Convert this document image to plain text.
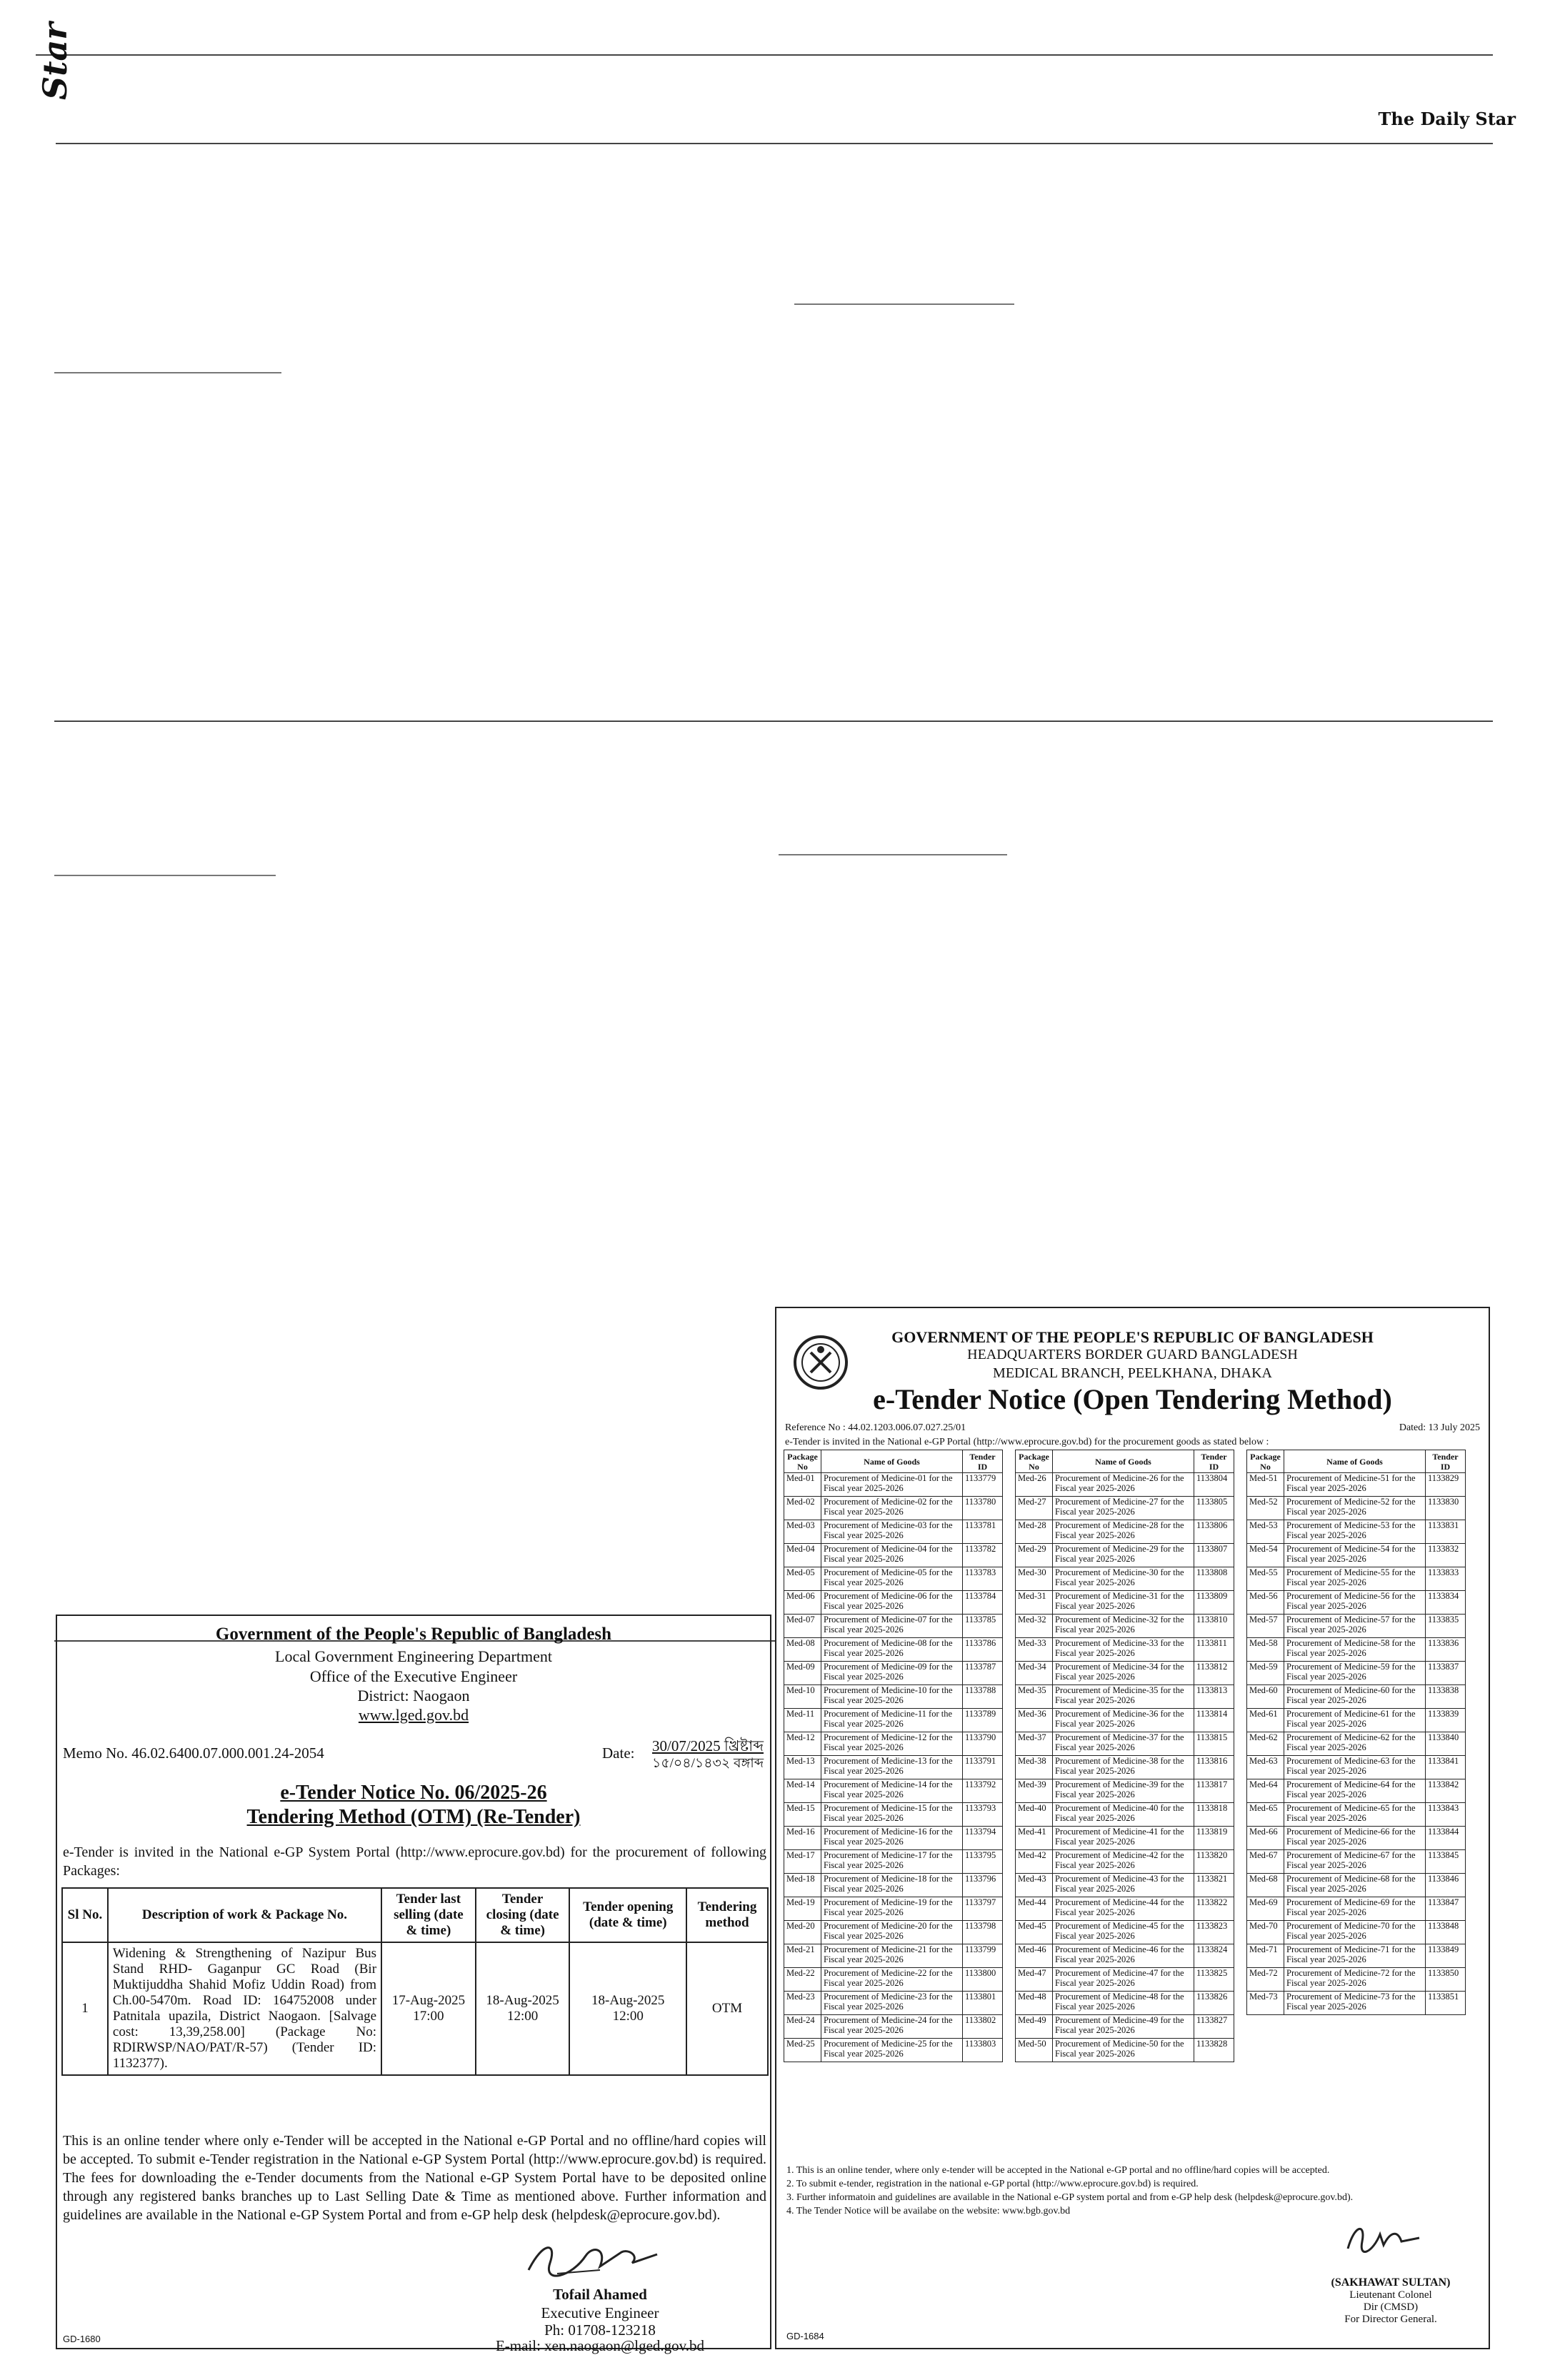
Star
The Daily Star
Government of the People's Republic of Bangladesh
Local Government Engineering Department
Office of the Executive Engineer
District: Naogaon
www.lged.gov.bd
Memo No. 46.02.6400.07.000.001.24-2054	Date: 30/07/2025 খ্রিষ্টাব্দ
১৫/০৪/১৪৩২ বঙ্গাব্দ
e-Tender Notice No. 06/2025-26
Tendering Method (OTM) (Re-Tender)
e-Tender is invited in the National e-GP System Portal (http://www.eprocure.gov.bd) for the procurement of following Packages:
Sl No.	Description of work & Package No.	Tender last selling (date & time)	Tender closing (date & time)	Tender opening (date & time)	Tendering method
1	Widening & Strengthening of Nazipur Bus Stand RHD- Gaganpur GC Road (Bir Muktijuddha Shahid Mofiz Uddin Road) from Ch.00-5470m. Road ID: 164752008 under Patnitala upazila, District Naogaon. [Salvage cost: 13,39,258.00] (Package No: RDIRWSP/NAO/PAT/R-57) (Tender ID: 1132377).	17-Aug-2025 17:00	18-Aug-2025 12:00	18-Aug-2025 12:00	OTM
This is an online tender where only e-Tender will be accepted in the National e-GP Portal and no offline/hard copies will be accepted. To submit e-Tender registration in the National e-GP System Portal (http://www.eprocure.gov.bd) is required. The fees for downloading the e-Tender documents from the National e-GP System Portal have to be deposited online through any registered banks branches up to Last Selling Date & Time as mentioned above. Further information and guidelines are available in the National e-GP System Portal and from e-GP help desk (helpdesk@eprocure.gov.bd).
Tofail Ahamed
Executive Engineer
Ph: 01708-123218
E-mail: xen.naogaon@lged.gov.bd
GD-1680
GOVERNMENT OF THE PEOPLE'S REPUBLIC OF BANGLADESH
HEADQUARTERS BORDER GUARD BANGLADESH
MEDICAL BRANCH, PEELKHANA, DHAKA
e-Tender Notice (Open Tendering Method)
Reference No : 44.02.1203.006.07.027.25/01	Dated: 13 July 2025
e-Tender is invited in the National e-GP Portal (http://www.eprocure.gov.bd) for the procurement goods as stated below :
Package No	Name of Goods	Tender ID
Med-01	Procurement of Medicine-01 for the Fiscal year 2025-2026	1133779
Med-02	Procurement of Medicine-02 for the Fiscal year 2025-2026	1133780
Med-03	Procurement of Medicine-03 for the Fiscal year 2025-2026	1133781
Med-04	Procurement of Medicine-04 for the Fiscal year 2025-2026	1133782
Med-05	Procurement of Medicine-05 for the Fiscal year 2025-2026	1133783
Med-06	Procurement of Medicine-06 for the Fiscal year 2025-2026	1133784
Med-07	Procurement of Medicine-07 for the Fiscal year 2025-2026	1133785
Med-08	Procurement of Medicine-08 for the Fiscal year 2025-2026	1133786
Med-09	Procurement of Medicine-09 for the Fiscal year 2025-2026	1133787
Med-10	Procurement of Medicine-10 for the Fiscal year 2025-2026	1133788
Med-11	Procurement of Medicine-11 for the Fiscal year 2025-2026	1133789
Med-12	Procurement of Medicine-12 for the Fiscal year 2025-2026	1133790
Med-13	Procurement of Medicine-13 for the Fiscal year 2025-2026	1133791
Med-14	Procurement of Medicine-14 for the Fiscal year 2025-2026	1133792
Med-15	Procurement of Medicine-15 for the Fiscal year 2025-2026	1133793
Med-16	Procurement of Medicine-16 for the Fiscal year 2025-2026	1133794
Med-17	Procurement of Medicine-17 for the Fiscal year 2025-2026	1133795
Med-18	Procurement of Medicine-18 for the Fiscal year 2025-2026	1133796
Med-19	Procurement of Medicine-19 for the Fiscal year 2025-2026	1133797
Med-20	Procurement of Medicine-20 for the Fiscal year 2025-2026	1133798
Med-21	Procurement of Medicine-21 for the Fiscal year 2025-2026	1133799
Med-22	Procurement of Medicine-22 for the Fiscal year 2025-2026	1133800
Med-23	Procurement of Medicine-23 for the Fiscal year 2025-2026	1133801
Med-24	Procurement of Medicine-24 for the Fiscal year 2025-2026	1133802
Med-25	Procurement of Medicine-25 for the Fiscal year 2025-2026	1133803
Package No	Name of Goods	Tender ID
Med-26	Procurement of Medicine-26 for the Fiscal year 2025-2026	1133804
Med-27	Procurement of Medicine-27 for the Fiscal year 2025-2026	1133805
Med-28	Procurement of Medicine-28 for the Fiscal year 2025-2026	1133806
Med-29	Procurement of Medicine-29 for the Fiscal year 2025-2026	1133807
Med-30	Procurement of Medicine-30 for the Fiscal year 2025-2026	1133808
Med-31	Procurement of Medicine-31 for the Fiscal year 2025-2026	1133809
Med-32	Procurement of Medicine-32 for the Fiscal year 2025-2026	1133810
Med-33	Procurement of Medicine-33 for the Fiscal year 2025-2026	1133811
Med-34	Procurement of Medicine-34 for the Fiscal year 2025-2026	1133812
Med-35	Procurement of Medicine-35 for the Fiscal year 2025-2026	1133813
Med-36	Procurement of Medicine-36 for the Fiscal year 2025-2026	1133814
Med-37	Procurement of Medicine-37 for the Fiscal year 2025-2026	1133815
Med-38	Procurement of Medicine-38 for the Fiscal year 2025-2026	1133816
Med-39	Procurement of Medicine-39 for the Fiscal year 2025-2026	1133817
Med-40	Procurement of Medicine-40 for the Fiscal year 2025-2026	1133818
Med-41	Procurement of Medicine-41 for the Fiscal year 2025-2026	1133819
Med-42	Procurement of Medicine-42 for the Fiscal year 2025-2026	1133820
Med-43	Procurement of Medicine-43 for the Fiscal year 2025-2026	1133821
Med-44	Procurement of Medicine-44 for the Fiscal year 2025-2026	1133822
Med-45	Procurement of Medicine-45 for the Fiscal year 2025-2026	1133823
Med-46	Procurement of Medicine-46 for the Fiscal year 2025-2026	1133824
Med-47	Procurement of Medicine-47 for the Fiscal year 2025-2026	1133825
Med-48	Procurement of Medicine-48 for the Fiscal year 2025-2026	1133826
Med-49	Procurement of Medicine-49 for the Fiscal year 2025-2026	1133827
Med-50	Procurement of Medicine-50 for the Fiscal year 2025-2026	1133828
Package No	Name of Goods	Tender ID
Med-51	Procurement of Medicine-51 for the Fiscal year 2025-2026	1133829
Med-52	Procurement of Medicine-52 for the Fiscal year 2025-2026	1133830
Med-53	Procurement of Medicine-53 for the Fiscal year 2025-2026	1133831
Med-54	Procurement of Medicine-54 for the Fiscal year 2025-2026	1133832
Med-55	Procurement of Medicine-55 for the Fiscal year 2025-2026	1133833
Med-56	Procurement of Medicine-56 for the Fiscal year 2025-2026	1133834
Med-57	Procurement of Medicine-57 for the Fiscal year 2025-2026	1133835
Med-58	Procurement of Medicine-58 for the Fiscal year 2025-2026	1133836
Med-59	Procurement of Medicine-59 for the Fiscal year 2025-2026	1133837
Med-60	Procurement of Medicine-60 for the Fiscal year 2025-2026	1133838
Med-61	Procurement of Medicine-61 for the Fiscal year 2025-2026	1133839
Med-62	Procurement of Medicine-62 for the Fiscal year 2025-2026	1133840
Med-63	Procurement of Medicine-63 for the Fiscal year 2025-2026	1133841
Med-64	Procurement of Medicine-64 for the Fiscal year 2025-2026	1133842
Med-65	Procurement of Medicine-65 for the Fiscal year 2025-2026	1133843
Med-66	Procurement of Medicine-66 for the Fiscal year 2025-2026	1133844
Med-67	Procurement of Medicine-67 for the Fiscal year 2025-2026	1133845
Med-68	Procurement of Medicine-68 for the Fiscal year 2025-2026	1133846
Med-69	Procurement of Medicine-69 for the Fiscal year 2025-2026	1133847
Med-70	Procurement of Medicine-70 for the Fiscal year 2025-2026	1133848
Med-71	Procurement of Medicine-71 for the Fiscal year 2025-2026	1133849
Med-72	Procurement of Medicine-72 for the Fiscal year 2025-2026	1133850
Med-73	Procurement of Medicine-73 for the Fiscal year 2025-2026	1133851
1. This is an online tender, where only e-tender will be accepted in the National e-GP portal and no offline/hard copies will be accepted.
2. To submit e-tender, registration in the national e-GP portal (http://www.eprocure.gov.bd) is required.
3. Further informatoin and guidelines are available in the National e-GP system portal and from e-GP help desk (helpdesk@eprocure.gov.bd).
4. The Tender Notice will be availabe on the website: www.bgb.gov.bd
(SAKHAWAT SULTAN)
Lieutenant Colonel
Dir (CMSD)
For Director General.
GD-1684
